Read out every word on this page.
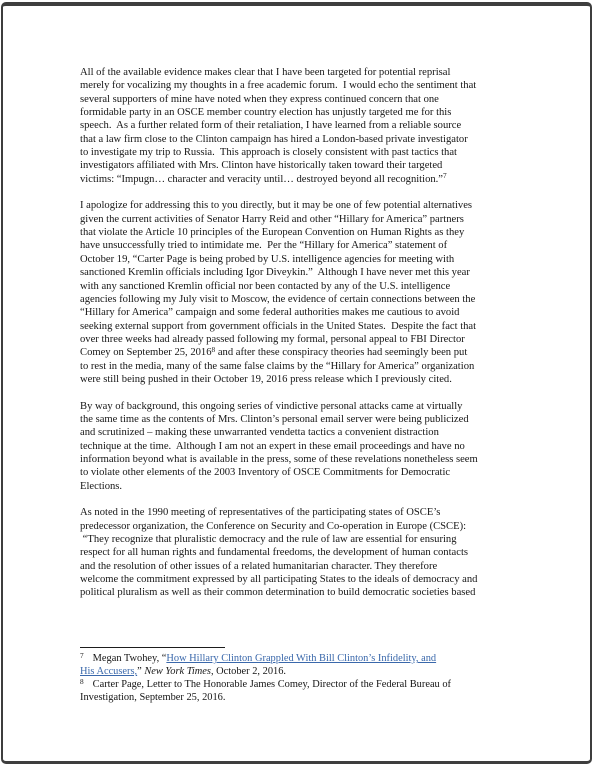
All of the available evidence makes clear that I have been targeted for potential reprisal
merely for vocalizing my thoughts in a free academic forum.  I would echo the sentiment that
several supporters of mine have noted when they express continued concern that one
formidable party in an OSCE member country election has unjustly targeted me for this
speech.  As a further related form of their retaliation, I have learned from a reliable source
that a law firm close to the Clinton campaign has hired a London-based private investigator
to investigate my trip to Russia.  This approach is closely consistent with past tactics that
investigators affiliated with Mrs. Clinton have historically taken toward their targeted
victims: “Impugn… character and veracity until… destroyed beyond all recognition.”$^7$
I apologize for addressing this to you directly, but it may be one of few potential alternatives
given the current activities of Senator Harry Reid and other “Hillary for America” partners
that violate the Article 10 principles of the European Convention on Human Rights as they
have unsuccessfully tried to intimidate me.  Per the “Hillary for America” statement of
October 19, “Carter Page is being probed by U.S. intelligence agencies for meeting with
sanctioned Kremlin officials including Igor Diveykin.”  Although I have never met this year
with any sanctioned Kremlin official nor been contacted by any of the U.S. intelligence
agencies following my July visit to Moscow, the evidence of certain connections between the
“Hillary for America” campaign and some federal authorities makes me cautious to avoid
seeking external support from government officials in the United States.  Despite the fact that
over three weeks had already passed following my formal, personal appeal to FBI Director
Comey on September 25, 2016$^8$ and after these conspiracy theories had seemingly been put
to rest in the media, many of the same false claims by the “Hillary for America” organization
were still being pushed in their October 19, 2016 press release which I previously cited.
By way of background, this ongoing series of vindictive personal attacks came at virtually
the same time as the contents of Mrs. Clinton’s personal email server were being publicized
and scrutinized – making these unwarranted vendetta tactics a convenient distraction
technique at the time.  Although I am not an expert in these email proceedings and have no
information beyond what is available in the press, some of these revelations nonetheless seem
to violate other elements of the 2003 Inventory of OSCE Commitments for Democratic
Elections.
As noted in the 1990 meeting of representatives of the participating states of OSCE’s
predecessor organization, the Conference on Security and Co-operation in Europe (CSCE):
“They recognize that pluralistic democracy and the rule of law are essential for ensuring
respect for all human rights and fundamental freedoms, the development of human contacts
and the resolution of other issues of a related humanitarian character. They therefore
welcome the commitment expressed by all participating States to the ideals of democracy and
political pluralism as well as their common determination to build democratic societies based
$^7$ Megan Twohey, “How Hillary Clinton Grappled With Bill Clinton’s Infidelity, and
His Accusers,” New York Times, October 2, 2016.
$^8$ Carter Page, Letter to The Honorable James Comey, Director of the Federal Bureau of
Investigation, September 25, 2016.
